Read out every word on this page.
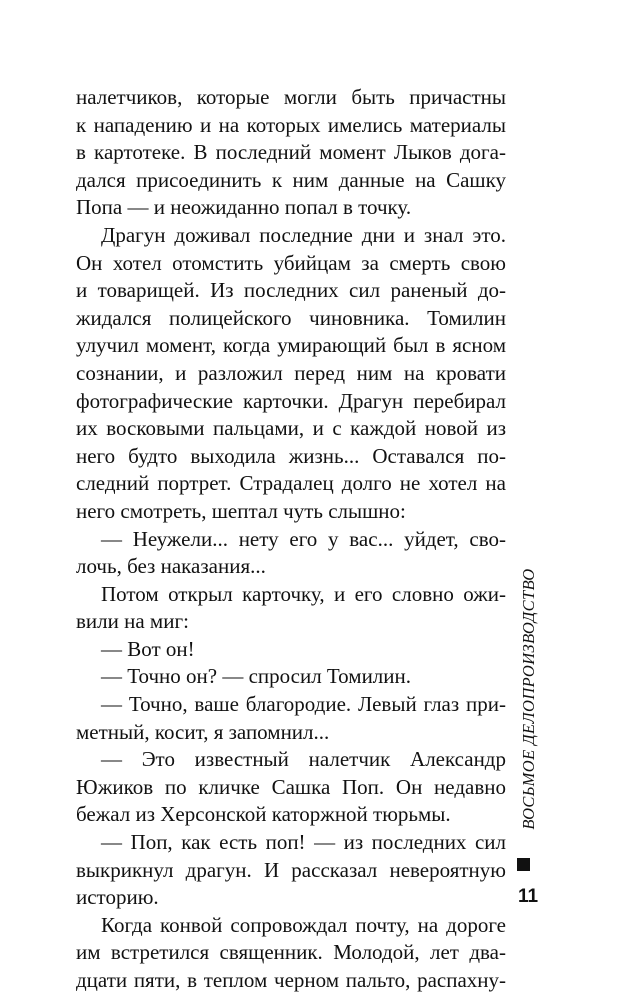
налетчиков, которые могли быть причастны
к нападению и на которых имелись материалы
в картотеке. В последний момент Лыков дога-
дался присоединить к ним данные на Сашку
Попа — и неожиданно попал в точку.
Драгун доживал последние дни и знал это.
Он хотел отомстить убийцам за смерть свою
и товарищей. Из последних сил раненый до-
жидался полицейского чиновника. Томилин
улучил момент, когда умирающий был в ясном
сознании, и разложил перед ним на кровати
фотографические карточки. Драгун перебирал
их восковыми пальцами, и с каждой новой из
него будто выходила жизнь... Оставался по-
следний портрет. Страдалец долго не хотел на
него смотреть, шептал чуть слышно:
— Неужели... нету его у вас... уйдет, сво-
лочь, без наказания...
Потом открыл карточку, и его словно ожи-
вили на миг:
— Вот он!
— Точно он? — спросил Томилин.
— Точно, ваше благородие. Левый глаз при-
метный, косит, я запомнил...
— Это известный налетчик Александр
Южиков по кличке Сашка Поп. Он недавно
бежал из Херсонской каторжной тюрьмы.
— Поп, как есть поп! — из последних сил
выкрикнул драгун. И рассказал невероятную
историю.
Когда конвой сопровождал почту, на дороге
им встретился священник. Молодой, лет два-
дцати пяти, в теплом черном пальто, распахну-
ВОСЬМОЕ ДЕЛОПРОИЗВОДСТВО
11
